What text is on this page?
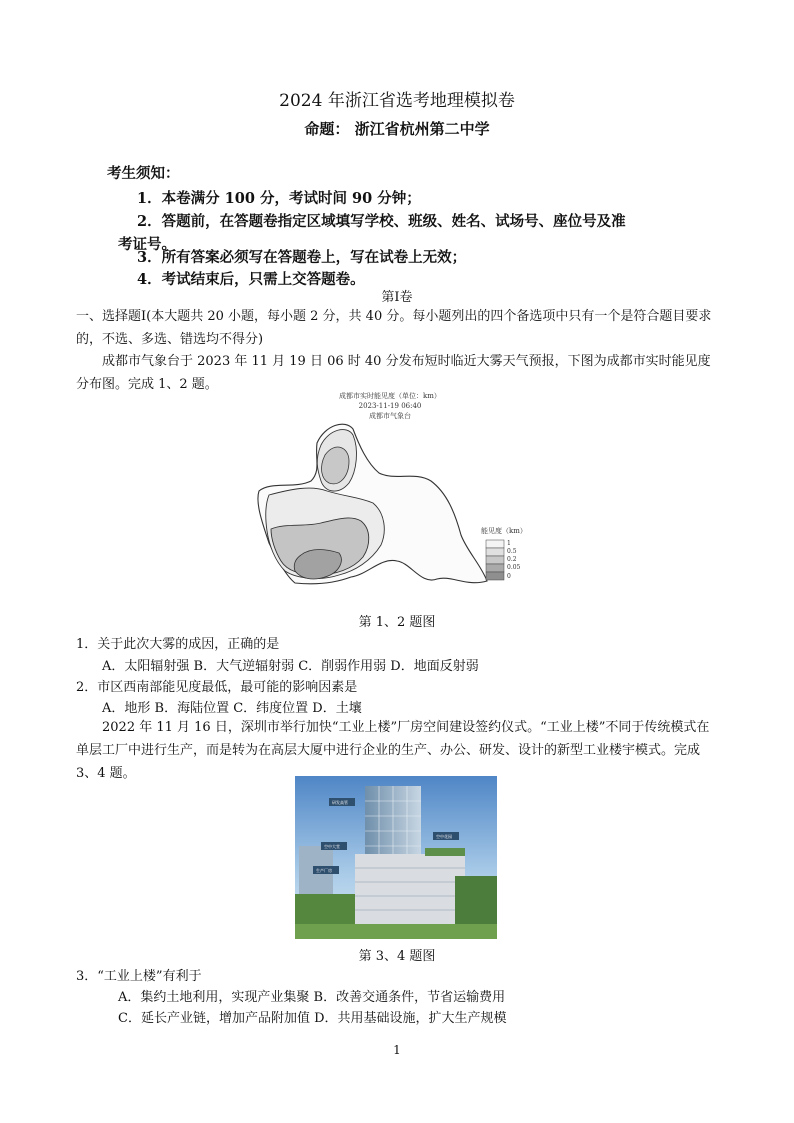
2024 年浙江省选考地理模拟卷
命题： 浙江省杭州第二中学
考生须知：
1．本卷满分 100 分，考试时间 90 分钟；
2．答题前，在答题卷指定区域填写学校、班级、姓名、试场号、座位号及准
考证号。
3．所有答案必须写在答题卷上，写在试卷上无效；
4．考试结束后，只需上交答题卷。
第Ⅰ卷
一、选择题Ⅰ(本大题共 20 小题，每小题 2 分，共 40 分。每小题列出的四个备选项中只有一个是符合题目要求的，不选、多选、错选均不得分)
成都市气象台于 2023 年 11 月 19 日 06 时 40 分发布短时临近大雾天气预报，下图为成都市实时能见度分布图。完成 1、2 题。
成都市实时能见度（单位：km）
2023-11-19 06:40
成都市气象台
能见度（km）
1
0.5
0.2
0.05
0
第 1、2 题图
1．关于此次大雾的成因，正确的是
A．太阳辐射强 B．大气逆辐射弱 C．削弱作用弱 D．地面反射弱
2．市区西南部能见度最低，最可能的影响因素是
A．地形 B．海陆位置 C．纬度位置 D．土壤
2022 年 11 月 16 日，深圳市举行加快“工业上楼”厂房空间建设签约仪式。“工业上楼”不同于传统模式在单层工厂中进行生产，而是转为在高层大厦中进行企业的生产、办公、研发、设计的新型工业楼宇模式。完成 3、4 题。
研发高管
空中花园
空中大堂
生产厂房
第 3、4 题图
3．“工业上楼”有利于
A．集约土地利用，实现产业集聚 B．改善交通条件，节省运输费用
C．延长产业链，增加产品附加值 D．共用基础设施，扩大生产规模
1
